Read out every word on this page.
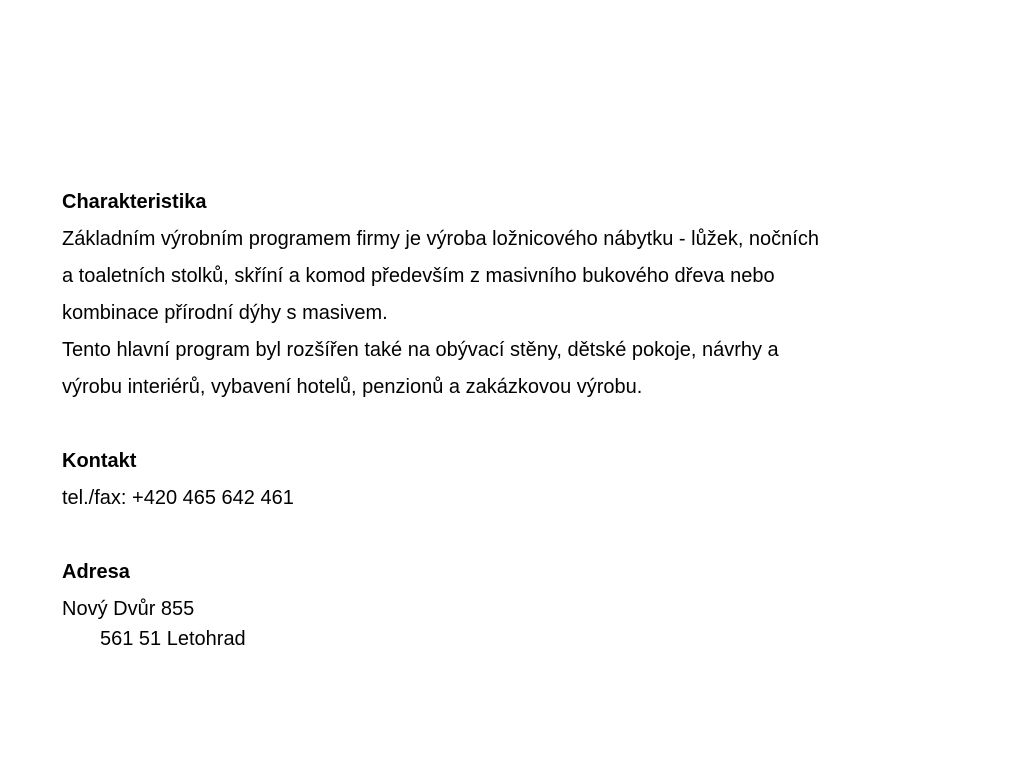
Charakteristika

Základním výrobním programem firmy je výroba ložnicového nábytku - lůžek, nočních

a toaletních stolků, skříní a komod především z masivního bukového dřeva nebo

kombinace přírodní dýhy s masivem.

Tento hlavní program byl rozšířen také na obývací stěny, dětské pokoje, návrhy a

výrobu interiérů, vybavení hotelů, penzionů a zakázkovou výrobu.

Kontakt

tel./fax: +420 465 642 461

Adresa

Nový Dvůr 855

561 51 Letohrad
